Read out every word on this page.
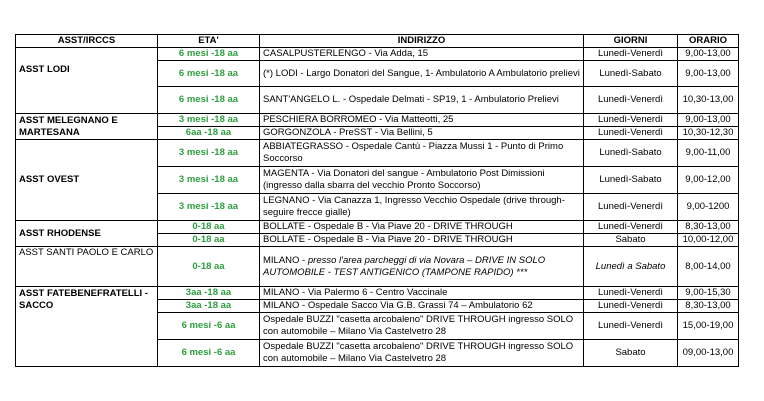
ASST/IRCCS	ETA'	INDIRIZZO	GIORNI	ORARIO
ASST LODI	6 mesi -18 aa	CASALPUSTERLENGO - Via Adda, 15	Lunedì-Venerdì	9,00-13,00
	6 mesi -18 aa	(*) LODI - Largo Donatori del Sangue, 1- Ambulatorio A Ambulatorio prelievi	Lunedì-Sabato	9,00-13,00
	6 mesi -18 aa	SANT'ANGELO L. - Ospedale Delmati - SP19, 1 - Ambulatorio Prelievi	Lunedì-Venerdì	10,30-13,00
ASST MELEGNANO E MARTESANA	3 mesi -18 aa	PESCHIERA BORROMEO - Via Matteotti, 25	Lunedì-Venerdì	9,00-13,00
	6aa -18 aa	GORGONZOLA - PreSST - Via Bellini, 5	Lunedì-Venerdì	10,30-12,30
ASST OVEST	3 mesi -18 aa	ABBIATEGRASSO - Ospedale Cantù - Piazza Mussi 1 - Punto di Primo Soccorso	Lunedì-Sabato	9,00-11,00
	3 mesi -18 aa	MAGENTA - Via Donatori del sangue - Ambulatorio Post Dimissioni (ingresso dalla sbarra del vecchio Pronto Soccorso)	Lunedì-Sabato	9,00-12,00
	3 mesi -18 aa	LEGNANO - Via Canazza 1, Ingresso Vecchio Ospedale (drive through-seguire frecce gialle)	Lunedì-Venerdì	9,00-1200
ASST RHODENSE	0-18 aa	BOLLATE - Ospedale B - Via Piave 20 - DRIVE THROUGH	Lunedì-Venerdì	8,30-13,00
	0-18 aa	BOLLATE - Ospedale B - Via Piave 20 - DRIVE THROUGH	Sabato	10,00-12,00
ASST SANTI PAOLO E CARLO	0-18 aa	MILANO - presso l'area parcheggi di via Novara – DRIVE IN SOLO AUTOMOBILE - TEST ANTIGENICO (TAMPONE RAPIDO) ***	Lunedì a Sabato	8,00-14,00
ASST FATEBENEFRATELLI - SACCO	3aa -18 aa	MILANO - Via Palermo 6 - Centro Vaccinale	Lunedì-Venerdì	9,00-15,30
	3aa -18 aa	MILANO - Ospedale Sacco Via G.B. Grassi 74 – Ambulatorio 62	Lunedì-Venerdì	8,30-13,00
	6 mesi -6 aa	Ospedale BUZZI "casetta arcobaleno" DRIVE THROUGH ingresso SOLO con automobile – Milano Via Castelvetro 28	Lunedì-Venerdì	15,00-19,00
	6 mesi -6 aa	Ospedale BUZZI "casetta arcobaleno" DRIVE THROUGH ingresso SOLO con automobile – Milano Via Castelvetro 28	Sabato	09,00-13,00
